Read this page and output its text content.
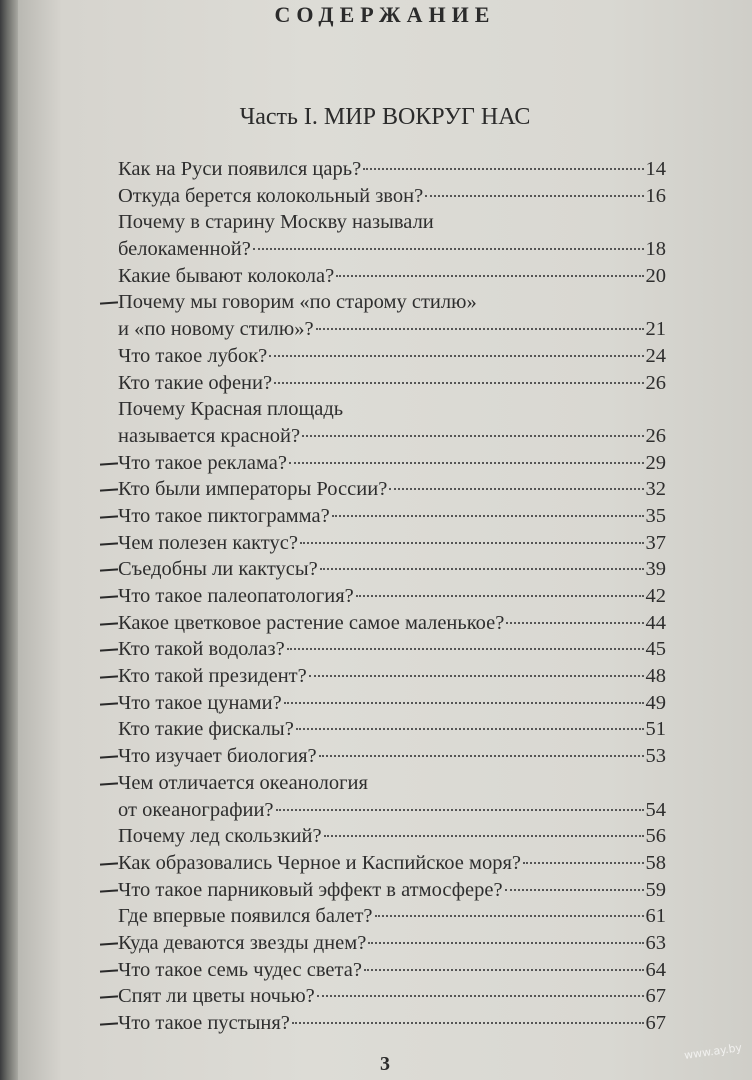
СОДЕРЖАНИЕ
Часть I. МИР ВОКРУГ НАС
Как на Руси появился царь?	14
Откуда берется колокольный звон?	16
Почему в старину Москву называли
белокаменной?	18
Какие бывают колокола?	20
Почему мы говорим «по старому стилю»
и «по новому стилю»?	21
Что такое лубок?	24
Кто такие офени?	26
Почему Красная площадь
называется красной?	26
Что такое реклама?	29
Кто были императоры России?	32
Что такое пиктограмма?	35
Чем полезен кактус?	37
Съедобны ли кактусы?	39
Что такое палеопатология?	42
Какое цветковое растение самое маленькое?	44
Кто такой водолаз?	45
Кто такой президент?	48
Что такое цунами?	49
Кто такие фискалы?	51
Что изучает биология?	53
Чем отличается океанология
от океанографии?	54
Почему лед скользкий?	56
Как образовались Черное и Каспийское моря?	58
Что такое парниковый эффект в атмосфере?	59
Где впервые появился балет?	61
Куда деваются звезды днем?	63
Что такое семь чудес света?	64
Спят ли цветы ночью?	67
Что такое пустыня?	67
3
www.ay.by
